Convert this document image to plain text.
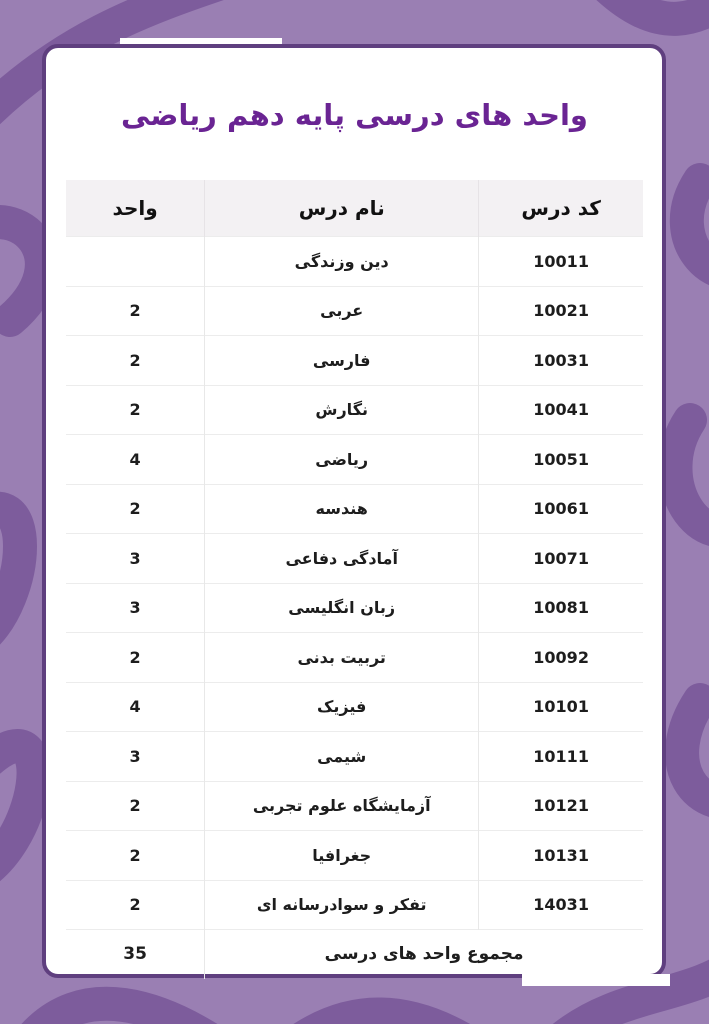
واحد های درسی پایه دهم ریاضی
کد درس	نام درس	واحد
10011	دین وزندگی	
10021	عربی	2
10031	فارسی	2
10041	نگارش	2
10051	ریاضی	4
10061	هندسه	2
10071	آمادگی دفاعی	3
10081	زبان انگلیسی	3
10092	تربیت بدنی	2
10101	فیزیک	4
10111	شیمی	3
10121	آزمایشگاه علوم تجربی	2
10131	جغرافیا	2
14031	تفکر و سوادرسانه ای	2
مجموع واحد های درسی		35
